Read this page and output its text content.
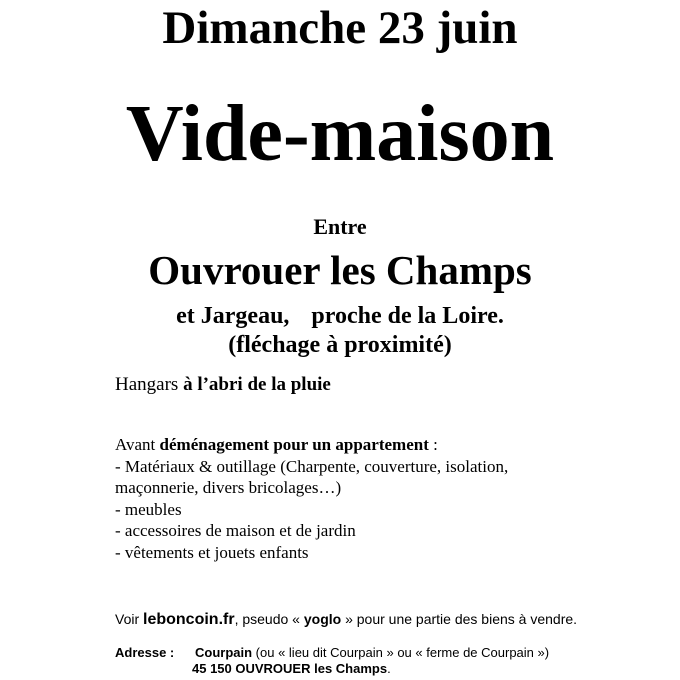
Dimanche 23 juin
Vide-maison
Entre
Ouvrouer les Champs
et Jargeau, proche de la Loire.
(fléchage à proximité)
Hangars à l’abri de la pluie
Avant déménagement pour un appartement :
- Matériaux & outillage (Charpente, couverture, isolation,
maçonnerie, divers bricolages…)
- meubles
- accessoires de maison et de jardin
- vêtements et jouets enfants
Voir leboncoin.fr, pseudo « yoglo » pour une partie des biens à vendre.
Adresse : Courpain (ou « lieu dit Courpain » ou « ferme de Courpain »)
45 150 OUVROUER les Champs.
